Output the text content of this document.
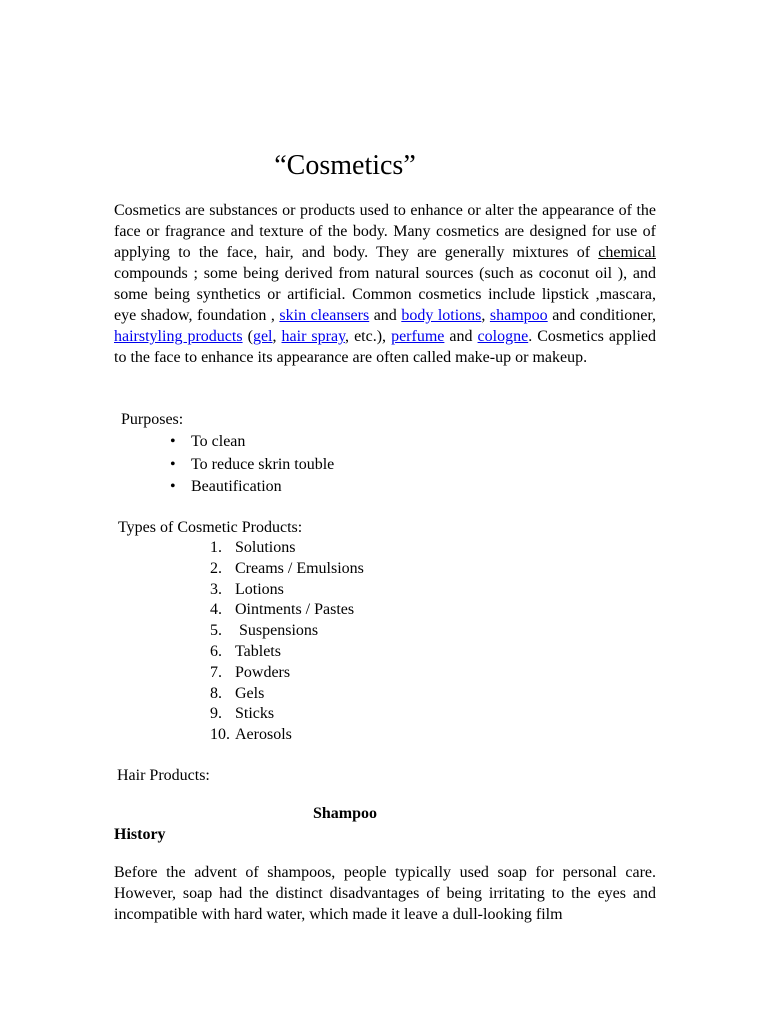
“Cosmetics”
Cosmetics are substances or products used to enhance or alter the appearance of the face or fragrance and texture of the body. Many cosmetics are designed for use of applying to the face, hair, and body. They are generally mixtures of chemical compounds ; some being derived from natural sources (such as coconut oil ), and some being synthetics or artificial. Common cosmetics include lipstick ,mascara, eye shadow, foundation , skin cleansers and body lotions, shampoo and conditioner, hairstyling products (gel, hair spray, etc.), perfume and cologne. Cosmetics applied to the face to enhance its appearance are often called make-up or makeup.
Purposes:
• To clean
• To reduce skrin touble
• Beautification
Types of Cosmetic Products:
1. Solutions
2. Creams / Emulsions
3. Lotions
4. Ointments / Pastes
5. Suspensions
6. Tablets
7. Powders
8. Gels
9. Sticks
10. Aerosols
Hair Products:
Shampoo
History
Before the advent of shampoos, people typically used soap for personal care. However, soap had the distinct disadvantages of being irritating to the eyes and incompatible with hard water, which made it leave a dull-looking film
